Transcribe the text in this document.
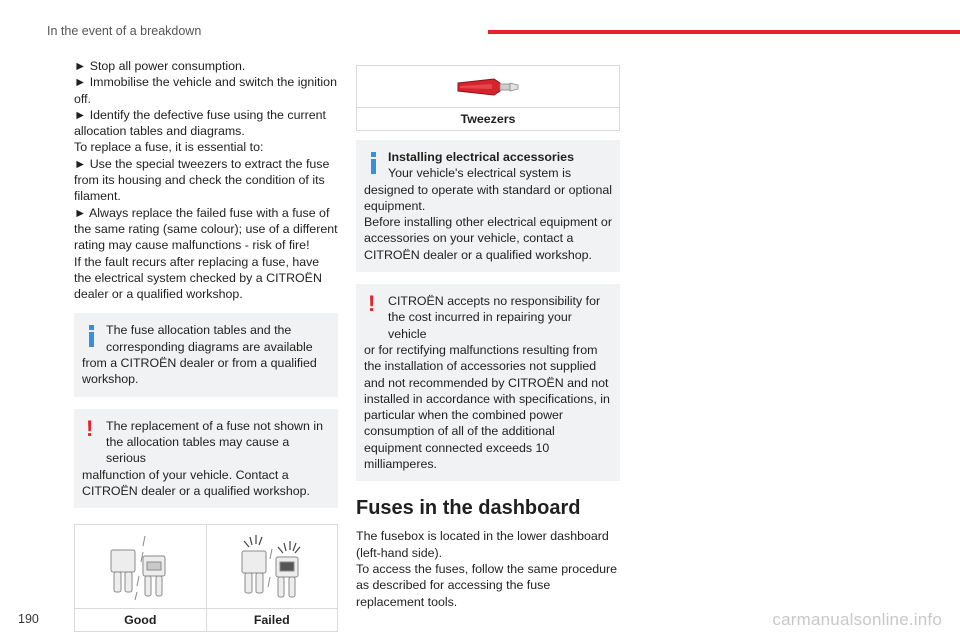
In the event of a breakdown
► Stop all power consumption.
► Immobilise the vehicle and switch the ignition off.
► Identify the defective fuse using the current allocation tables and diagrams.
To replace a fuse, it is essential to:
► Use the special tweezers to extract the fuse from its housing and check the condition of its filament.
► Always replace the failed fuse with a fuse of the same rating (same colour); use of a different rating may cause malfunctions - risk of fire!
If the fault recurs after replacing a fuse, have the electrical system checked by a CITROËN dealer or a qualified workshop.
The fuse allocation tables and the corresponding diagrams are available
from a CITROËN dealer or from a qualified workshop.
!	The replacement of a fuse not shown in the allocation tables may cause a serious
malfunction of your vehicle. Contact a CITROËN dealer or a qualified workshop.
Good	Failed
Tweezers
Installing electrical accessories
Your vehicle's electrical system is
designed to operate with standard or optional equipment.
Before installing other electrical equipment or accessories on your vehicle, contact a CITROËN dealer or a qualified workshop.
!	CITROËN accepts no responsibility for the cost incurred in repairing your vehicle
or for rectifying malfunctions resulting from the installation of accessories not supplied and not recommended by CITROËN and not installed in accordance with specifications, in particular when the combined power consumption of all of the additional equipment connected exceeds 10 milliamperes.
Fuses in the dashboard
The fusebox is located in the lower dashboard (left-hand side).
To access the fuses, follow the same procedure as described for accessing the fuse replacement tools.
190	carmanualsonline.info
